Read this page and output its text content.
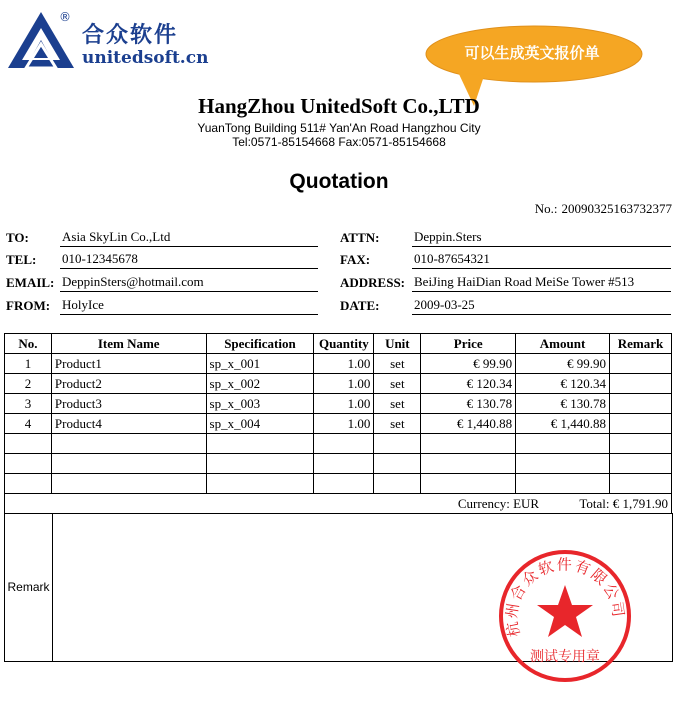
®
合众软件
unitedsoft.cn	可以生成英文报价单
HangZhou UnitedSoft Co.,LTD
YuanTong Building 511# Yan'An Road Hangzhou City
Tel:0571-85154668 Fax:0571-85154668
Quotation
No.: 20090325163732377
TO:	Asia SkyLin Co.,Ltd
TEL: 010-12345678
EMAIL: DeppinSters@hotmail.com
FROM: HolyIce
ATTN:	Deppin.Sters
FAX:	010-87654321
ADDRESS: BeiJing HaiDian Road MeiSe Tower #513
DATE:	2009-03-25
No.	Item Name	Specification	Quantity	Unit	Price	Amount	Remark
1	Product1	sp_x_001	1.00	set	€ 99.90	€ 99.90	
2	Product2	sp_x_002	1.00	set	€ 120.34	€ 120.34	
3	Product3	sp_x_003	1.00	set	€ 130.78	€ 130.78	
4	Product4	sp_x_004	1.00	set	€ 1,440.88	€ 1,440.88	

Currency: EUR Total: € 1,791.90							
Remark
杭州合众软件有限公司
测试专用章
